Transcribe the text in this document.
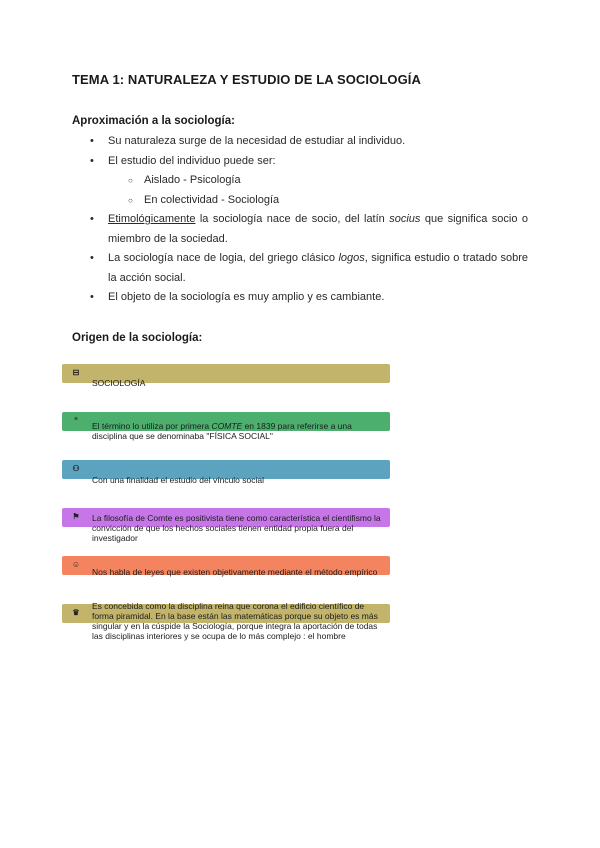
TEMA 1: NATURALEZA Y ESTUDIO DE LA SOCIOLOGÍA
Aproximación a la sociología:
• Su naturaleza surge de la necesidad de estudiar al individuo.
• El estudio del individuo puede ser:
○ Aislado - Psicología
○ En colectividad - Sociología
• Etimológicamente la sociología nace de socio, del latín socius que significa socio o miembro de la sociedad.
• La sociología nace de logia, del griego clásico logos, significa estudio o tratado sobre la acción social.
• El objeto de la sociología es muy amplio y es cambiante.
Origen de la sociología:
⊟
SOCIOLOGÍA
“
El término lo utiliza por primera COMTE en 1839 para referirse a una disciplina que se denominaba "FÍSICA SOCIAL"
⚇
Con una finalidad el estudio del vínculo social
⚑ La filosofía de Comte es positivista tiene como característica el cientifismo la convicción de que los hechos sociales tienen entidad propia fuera del investigador
☺
Nos habla de leyes que existen objetivamente mediante el método empírico
♛
Es concebida como la disciplina reina que corona el edificio científico de forma piramidal. En la base están las matemáticas porque su objeto es más singular y en la cúspide la Sociología, porque integra la aportación de todas las disciplinas interiores y se ocupa de lo más complejo : el hombre
